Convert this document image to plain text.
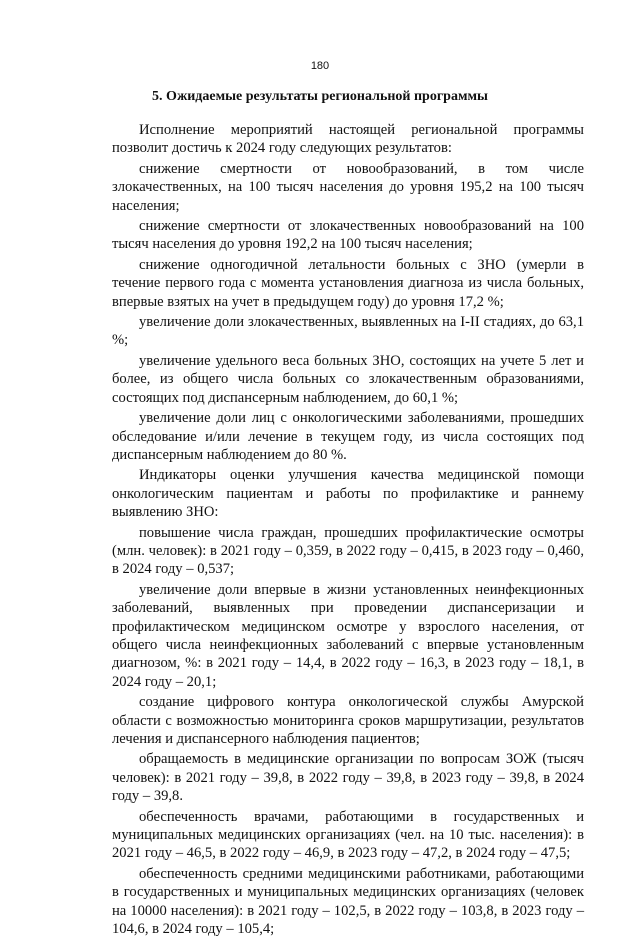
180
5. Ожидаемые результаты региональной программы

Исполнение мероприятий настоящей региональной программы позволит достичь к 2024 году следующих результатов:

снижение смертности от новообразований, в том числе злокачественных, на 100 тысяч населения до уровня 195,2 на 100 тысяч населения;

снижение смертности от злокачественных новообразований на 100 тысяч населения до уровня 192,2 на 100 тысяч населения;

снижение одногодичной летальности больных с ЗНО (умерли в течение первого года с момента установления диагноза из числа больных, впервые взятых на учет в предыдущем году) до уровня 17,2 %;

увеличение доли злокачественных, выявленных на I-II стадиях, до 63,1 %;

увеличение удельного веса больных ЗНО, состоящих на учете 5 лет и более, из общего числа больных со злокачественным образованиями, состоящих под диспансерным наблюдением, до 60,1 %;

увеличение доли лиц с онкологическими заболеваниями, прошедших обследование и/или лечение в текущем году, из числа состоящих под диспансерным наблюдением до 80 %.

Индикаторы оценки улучшения качества медицинской помощи онкологическим пациентам и работы по профилактике и раннему выявлению ЗНО:

повышение числа граждан, прошедших профилактические осмотры (млн. человек): в 2021 году – 0,359, в 2022 году – 0,415, в 2023 году – 0,460, в 2024 году – 0,537;

увеличение доли впервые в жизни установленных неинфекционных заболеваний, выявленных при проведении диспансеризации и профилактическом медицинском осмотре у взрослого населения, от общего числа неинфекционных заболеваний с впервые установленным диагнозом, %: в 2021 году – 14,4, в 2022 году – 16,3, в 2023 году – 18,1, в 2024 году – 20,1;

создание цифрового контура онкологической службы Амурской области с возможностью мониторинга сроков маршрутизации, результатов лечения и диспансерного наблюдения пациентов;

обращаемость в медицинские организации по вопросам ЗОЖ (тысяч человек): в 2021 году – 39,8, в 2022 году – 39,8, в 2023 году – 39,8, в 2024 году – 39,8.

обеспеченность врачами, работающими в государственных и муниципальных медицинских организациях (чел. на 10 тыс. населения): в 2021 году – 46,5, в 2022 году – 46,9, в 2023 году – 47,2, в 2024 году – 47,5;

обеспеченность средними медицинскими работниками, работающими в государственных и муниципальных медицинских организациях (человек на 10000 населения): в 2021 году – 102,5, в 2022 году – 103,8, в 2023 году – 104,6, в 2024 году – 105,4;
